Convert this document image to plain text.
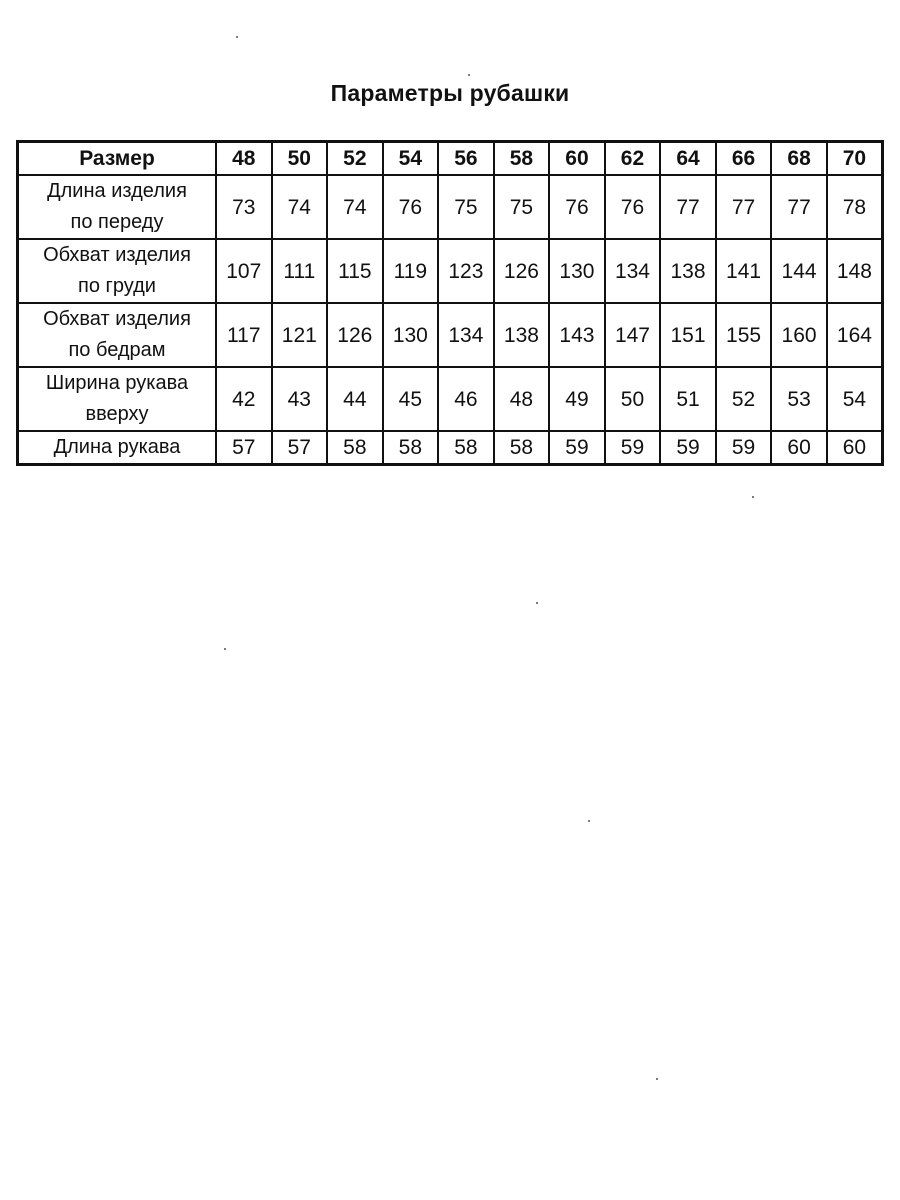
Параметры рубашки
Размер	48	50	52	54	56	58	60	62	64	66	68	70
Длина изделия
по переду	73	74	74	76	75	75	76	76	77	77	77	78
Обхват изделия
по груди	107	111	115	119	123	126	130	134	138	141	144	148
Обхват изделия
по бедрам	117	121	126	130	134	138	143	147	151	155	160	164
Ширина рукава
вверху	42	43	44	45	46	48	49	50	51	52	53	54
Длина рукава	57	57	58	58	58	58	59	59	59	59	60	60
